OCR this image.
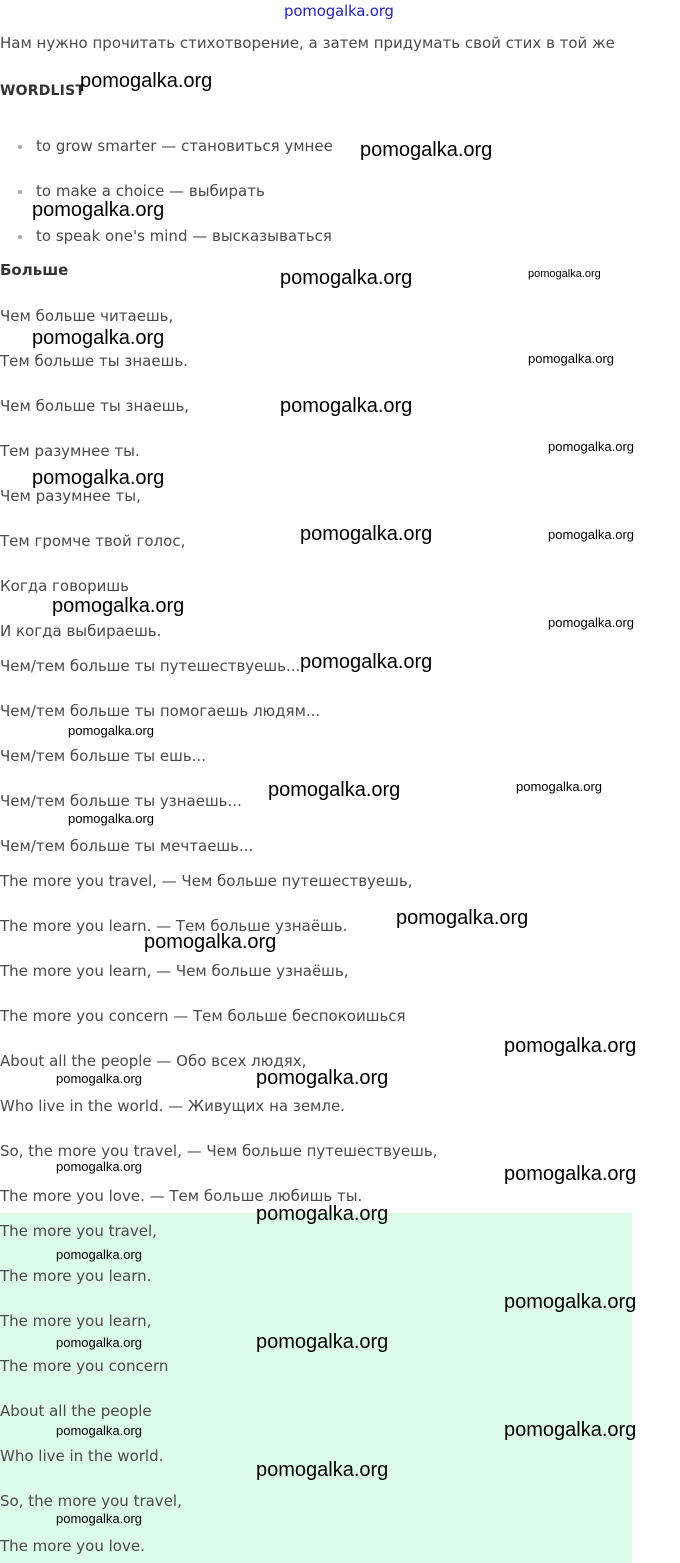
pomogalka.org
Нам нужно прочитать стихотворение, а затем придумать свой стих в той же
WORDLIST
to grow smarter — становиться умнее
to make a choice — выбирать
to speak one's mind — высказываться
Больше
Чем больше читаешь,
Тем больше ты знаешь.
Чем больше ты знаешь,
Тем разумнее ты.
Чем разумнее ты,
Тем громче твой голос,
Когда говоришь
И когда выбираешь.
Чем/тем больше ты путешествуешь...
Чем/тем больше ты помогаешь людям...
Чем/тем больше ты ешь...
Чем/тем больше ты узнаешь...
Чем/тем больше ты мечтаешь...
The more you travel, — Чем больше путешествуешь,
The more you learn. — Тем больше узнаёшь.
The more you learn, — Чем больше узнаёшь,
The more you concern — Тем больше беспокоишься
About all the people — Обо всех людях,
Who live in the world. — Живущих на земле.
So, the more you travel, — Чем больше путешествуешь,
The more you love. — Тем больше любишь ты.
The more you travel,
The more you learn.
The more you learn,
The more you concern
About all the people
Who live in the world.
So, the more you travel,
The more you love.
pomogalka.org
pomogalka.org
pomogalka.org
pomogalka.org
pomogalka.org
pomogalka.org
pomogalka.org
pomogalka.org
pomogalka.org
pomogalka.org
pomogalka.org
pomogalka.org
pomogalka.org
pomogalka.org
pomogalka.org
pomogalka.org
pomogalka.org
pomogalka.org
pomogalka.org
pomogalka.org
pomogalka.org
pomogalka.org
pomogalka.org
pomogalka.org
pomogalka.org
pomogalka.org
pomogalka.org
pomogalka.org
pomogalka.org
pomogalka.org
pomogalka.org
pomogalka.org
pomogalka.org
pomogalka.org
pomogalka.org
